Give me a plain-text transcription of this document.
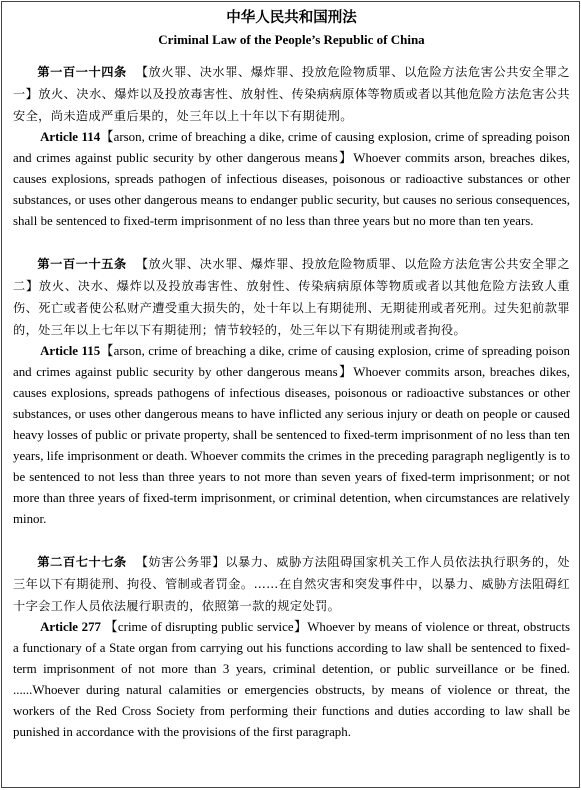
中华人民共和国刑法

Criminal Law of the People’s Republic of China

第一百一十四条 【放火罪、决水罪、爆炸罪、投放危险物质罪、以危险方法危害公共安全罪之一】放火、决水、爆炸以及投放毒害性、放射性、传染病病原体等物质或者以其他危险方法危害公共安全，尚未造成严重后果的，处三年以上十年以下有期徒刑。

Article 114【arson, crime of breaching a dike, crime of causing explosion, crime of spreading poison and crimes against public security by other dangerous means】Whoever commits arson, breaches dikes, causes explosions, spreads pathogen of infectious diseases, poisonous or radioactive substances or other substances, or uses other dangerous means to endanger public security, but causes no serious consequences, shall be sentenced to fixed-term imprisonment of no less than three years but no more than ten years.

第一百一十五条 【放火罪、决水罪、爆炸罪、投放危险物质罪、以危险方法危害公共安全罪之二】放火、决水、爆炸以及投放毒害性、放射性、传染病病原体等物质或者以其他危险方法致人重伤、死亡或者使公私财产遭受重大损失的，处十年以上有期徒刑、无期徒刑或者死刑。过失犯前款罪的，处三年以上七年以下有期徒刑；情节较轻的，处三年以下有期徒刑或者拘役。

Article 115【arson, crime of breaching a dike, crime of causing explosion, crime of spreading poison and crimes against public security by other dangerous means】Whoever commits arson, breaches dikes, causes explosions, spreads pathogens of infectious diseases, poisonous or radioactive substances or other substances, or uses other dangerous means to have inflicted any serious injury or death on people or caused heavy losses of public or private property, shall be sentenced to fixed-term imprisonment of no less than ten years, life imprisonment or death. Whoever commits the crimes in the preceding paragraph negligently is to be sentenced to not less than three years to not more than seven years of fixed-term imprisonment; or not more than three years of fixed-term imprisonment, or criminal detention, when circumstances are relatively minor.

第二百七十七条 【妨害公务罪】以暴力、威胁方法阻碍国家机关工作人员依法执行职务的，处三年以下有期徒刑、拘役、管制或者罚金。……在自然灾害和突发事件中，以暴力、威胁方法阻碍红十字会工作人员依法履行职责的，依照第一款的规定处罚。

Article 277 【crime of disrupting public service】Whoever by means of violence or threat, obstructs a functionary of a State organ from carrying out his functions according to law shall be sentenced to fixed-term imprisonment of not more than 3 years, criminal detention, or public surveillance or be fined. ......Whoever during natural calamities or emergencies obstructs, by means of violence or threat, the workers of the Red Cross Society from performing their functions and duties according to law shall be punished in accordance with the provisions of the first paragraph.
